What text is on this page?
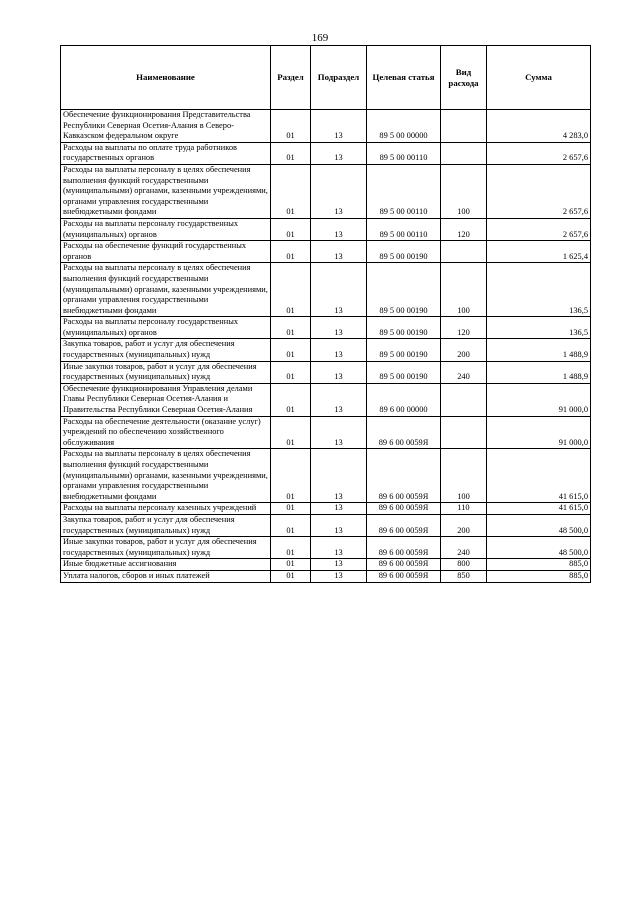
169
Наименование	Раздел	Подраздел	Целевая статья	Вид расхода	Сумма
Обеспечение функционирования Представительства Республики Северная Осетия-Алания в Северо-Кавказском федеральном округе	01	13	89 5 00 00000		4 283,0
Расходы на выплаты по оплате труда работников государственных органов	01	13	89 5 00 00110		2 657,6
Расходы на выплаты персоналу в целях обеспечения выполнения функций государственными (муниципальными) органами, казенными учреждениями, органами управления государственными внебюджетными фондами	01	13	89 5 00 00110	100	2 657,6
Расходы на выплаты персоналу государственных (муниципальных) органов	01	13	89 5 00 00110	120	2 657,6
Расходы на обеспечение функций государственных органов	01	13	89 5 00 00190		1 625,4
Расходы на выплаты персоналу в целях обеспечения выполнения функций государственными (муниципальными) органами, казенными учреждениями, органами управления государственными внебюджетными фондами	01	13	89 5 00 00190	100	136,5
Расходы на выплаты персоналу государственных (муниципальных) органов	01	13	89 5 00 00190	120	136,5
Закупка товаров, работ и услуг для обеспечения государственных (муниципальных) нужд	01	13	89 5 00 00190	200	1 488,9
Иные закупки товаров, работ и услуг для обеспечения государственных (муниципальных) нужд	01	13	89 5 00 00190	240	1 488,9
Обеспечение функционирования Управления делами Главы Республики Северная Осетия-Алания и Правительства Республики Северная Осетия-Алания	01	13	89 6 00 00000		91 000,0
Расходы на обеспечение деятельности (оказание услуг) учреждений по обеспечению хозяйственного обслуживания	01	13	89 6 00 0059Я		91 000,0
Расходы на выплаты персоналу в целях обеспечения выполнения функций государственными (муниципальными) органами, казенными учреждениями, органами управления государственными внебюджетными фондами	01	13	89 6 00 0059Я	100	41 615,0
Расходы на выплаты персоналу казенных учреждений	01	13	89 6 00 0059Я	110	41 615,0
Закупка товаров, работ и услуг для обеспечения государственных (муниципальных) нужд	01	13	89 6 00 0059Я	200	48 500,0
Иные закупки товаров, работ и услуг для обеспечения государственных (муниципальных) нужд	01	13	89 6 00 0059Я	240	48 500,0
Иные бюджетные ассигнования	01	13	89 6 00 0059Я	800	885,0
Уплата налогов, сборов и иных платежей	01	13	89 6 00 0059Я	850	885,0
